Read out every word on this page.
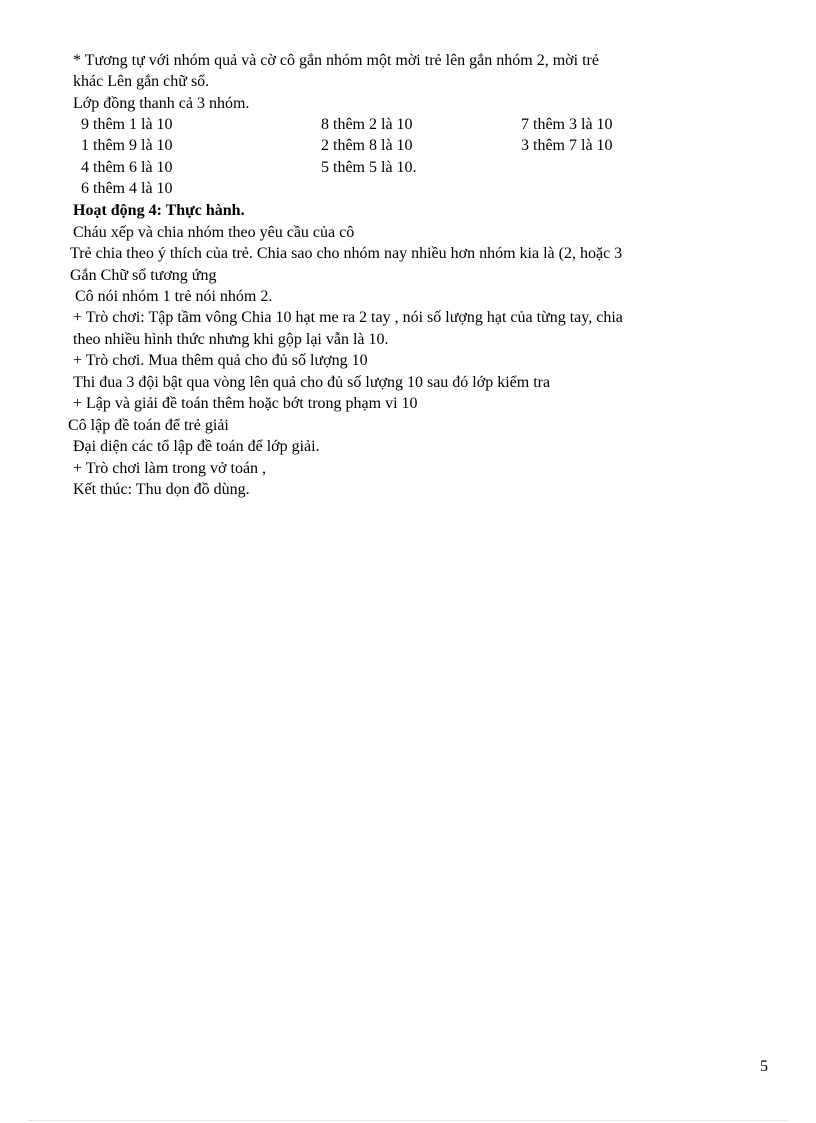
* Tương tự với nhóm quả và cờ cô gắn nhóm một mời trẻ lên gắn nhóm 2, mời trẻ

khác Lên gắn chữ số.

Lớp đồng thanh cả 3 nhóm.

9 thêm 1 là 10	8 thêm 2 là 10	7 thêm 3 là 10
1 thêm 9 là 10	2 thêm 8 là 10	3 thêm 7 là 10
4 thêm 6 là 10	5 thêm 5 là 10.
6 thêm 4 là 10

Hoạt động 4: Thực hành.

Cháu xếp và chia nhóm theo yêu cầu của cô

Trẻ chia theo ý thích của trẻ. Chia sao cho nhóm nay nhiều hơn nhóm kia là (2, hoặc 3

Gắn Chữ số tương ứng

Cô nói nhóm 1 trẻ nói nhóm 2.

+ Trò chơi: Tập tầm vông Chia 10 hạt me ra 2 tay , nói số lượng hạt của từng tay, chia

theo nhiều hình thức nhưng khi gộp lại vẫn là 10.

+ Trò chơi. Mua thêm quả cho đủ số lượng 10

Thi đua 3 đội bật qua vòng lên quả cho đủ số lượng 10 sau đó lớp kiểm tra

+ Lập và giải đề toán thêm hoặc bớt trong phạm vi 10

Cô lập đề toán để trẻ giải

Đại diện các tổ lập đề toán để lớp giải.

+ Trò chơi làm trong vở toán ,

Kết thúc: Thu dọn đồ dùng.

5
